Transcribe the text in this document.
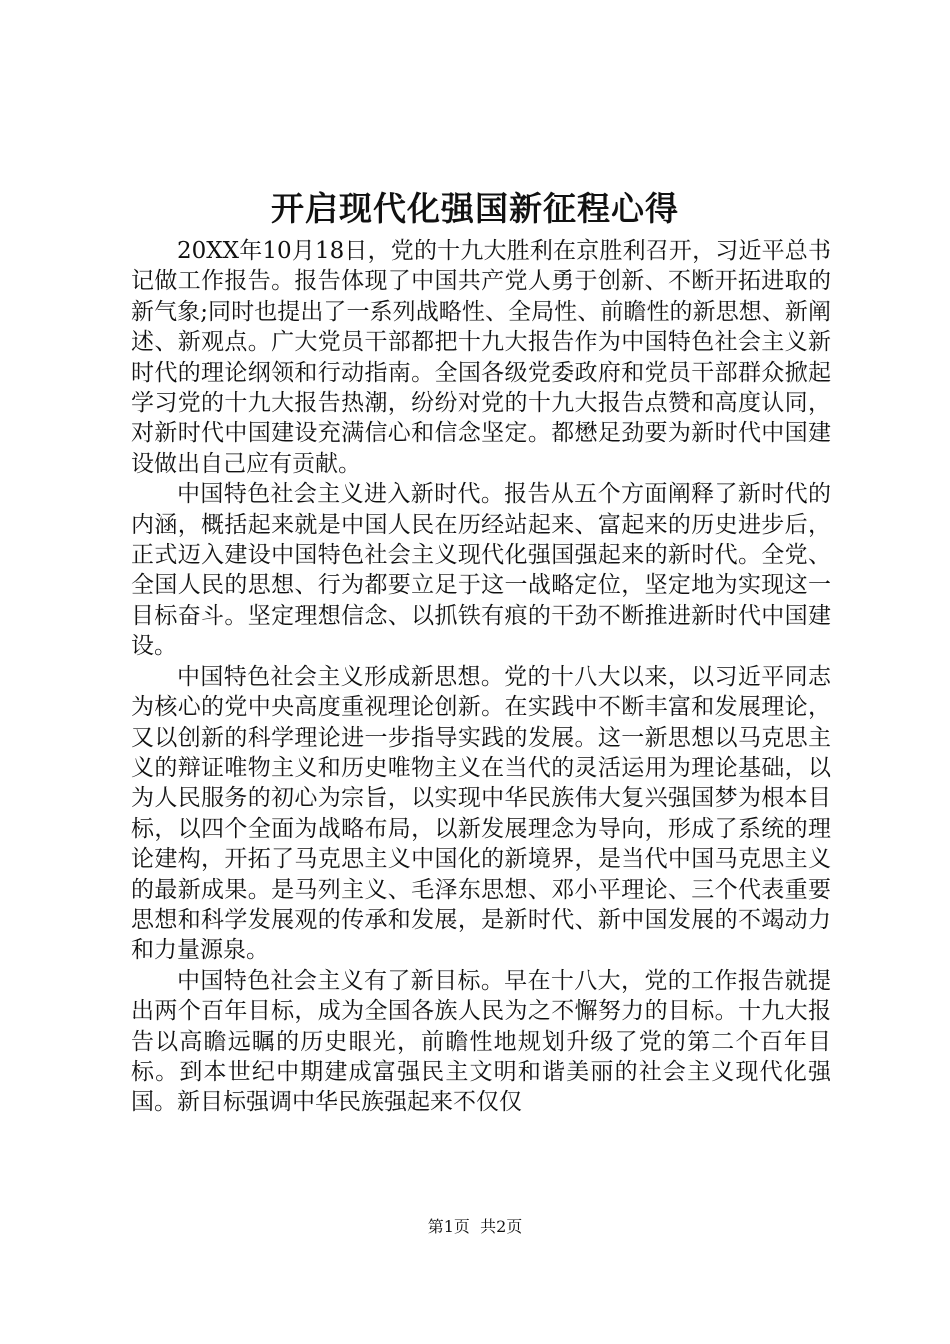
开启现代化强国新征程心得

20XX年10月18日，党的十九大胜利在京胜利召开，习近平总书记做工作报告。报告体现了中国共产党人勇于创新、不断开拓进取的新气象;同时也提出了一系列战略性、全局性、前瞻性的新思想、新阐述、新观点。广大党员干部都把十九大报告作为中国特色社会主义新时代的理论纲领和行动指南。全国各级党委政府和党员干部群众掀起学习党的十九大报告热潮，纷纷对党的十九大报告点赞和高度认同，对新时代中国建设充满信心和信念坚定。都懋足劲要为新时代中国建设做出自己应有贡献。

中国特色社会主义进入新时代。报告从五个方面阐释了新时代的内涵，概括起来就是中国人民在历经站起来、富起来的历史进步后，正式迈入建设中国特色社会主义现代化强国强起来的新时代。全党、全国人民的思想、行为都要立足于这一战略定位，坚定地为实现这一目标奋斗。坚定理想信念、以抓铁有痕的干劲不断推进新时代中国建设。

中国特色社会主义形成新思想。党的十八大以来，以习近平同志为核心的党中央高度重视理论创新。在实践中不断丰富和发展理论，又以创新的科学理论进一步指导实践的发展。这一新思想以马克思主义的辩证唯物主义和历史唯物主义在当代的灵活运用为理论基础，以为人民服务的初心为宗旨，以实现中华民族伟大复兴强国梦为根本目标，以四个全面为战略布局，以新发展理念为导向，形成了系统的理论建构，开拓了马克思主义中国化的新境界，是当代中国马克思主义的最新成果。是马列主义、毛泽东思想、邓小平理论、三个代表重要思想和科学发展观的传承和发展，是新时代、新中国发展的不竭动力和力量源泉。

中国特色社会主义有了新目标。早在十八大，党的工作报告就提出两个百年目标，成为全国各族人民为之不懈努力的目标。十九大报告以高瞻远瞩的历史眼光，前瞻性地规划升级了党的第二个百年目标。到本世纪中期建成富强民主文明和谐美丽的社会主义现代化强国。新目标强调中华民族强起来不仅仅

第1页  共2页
